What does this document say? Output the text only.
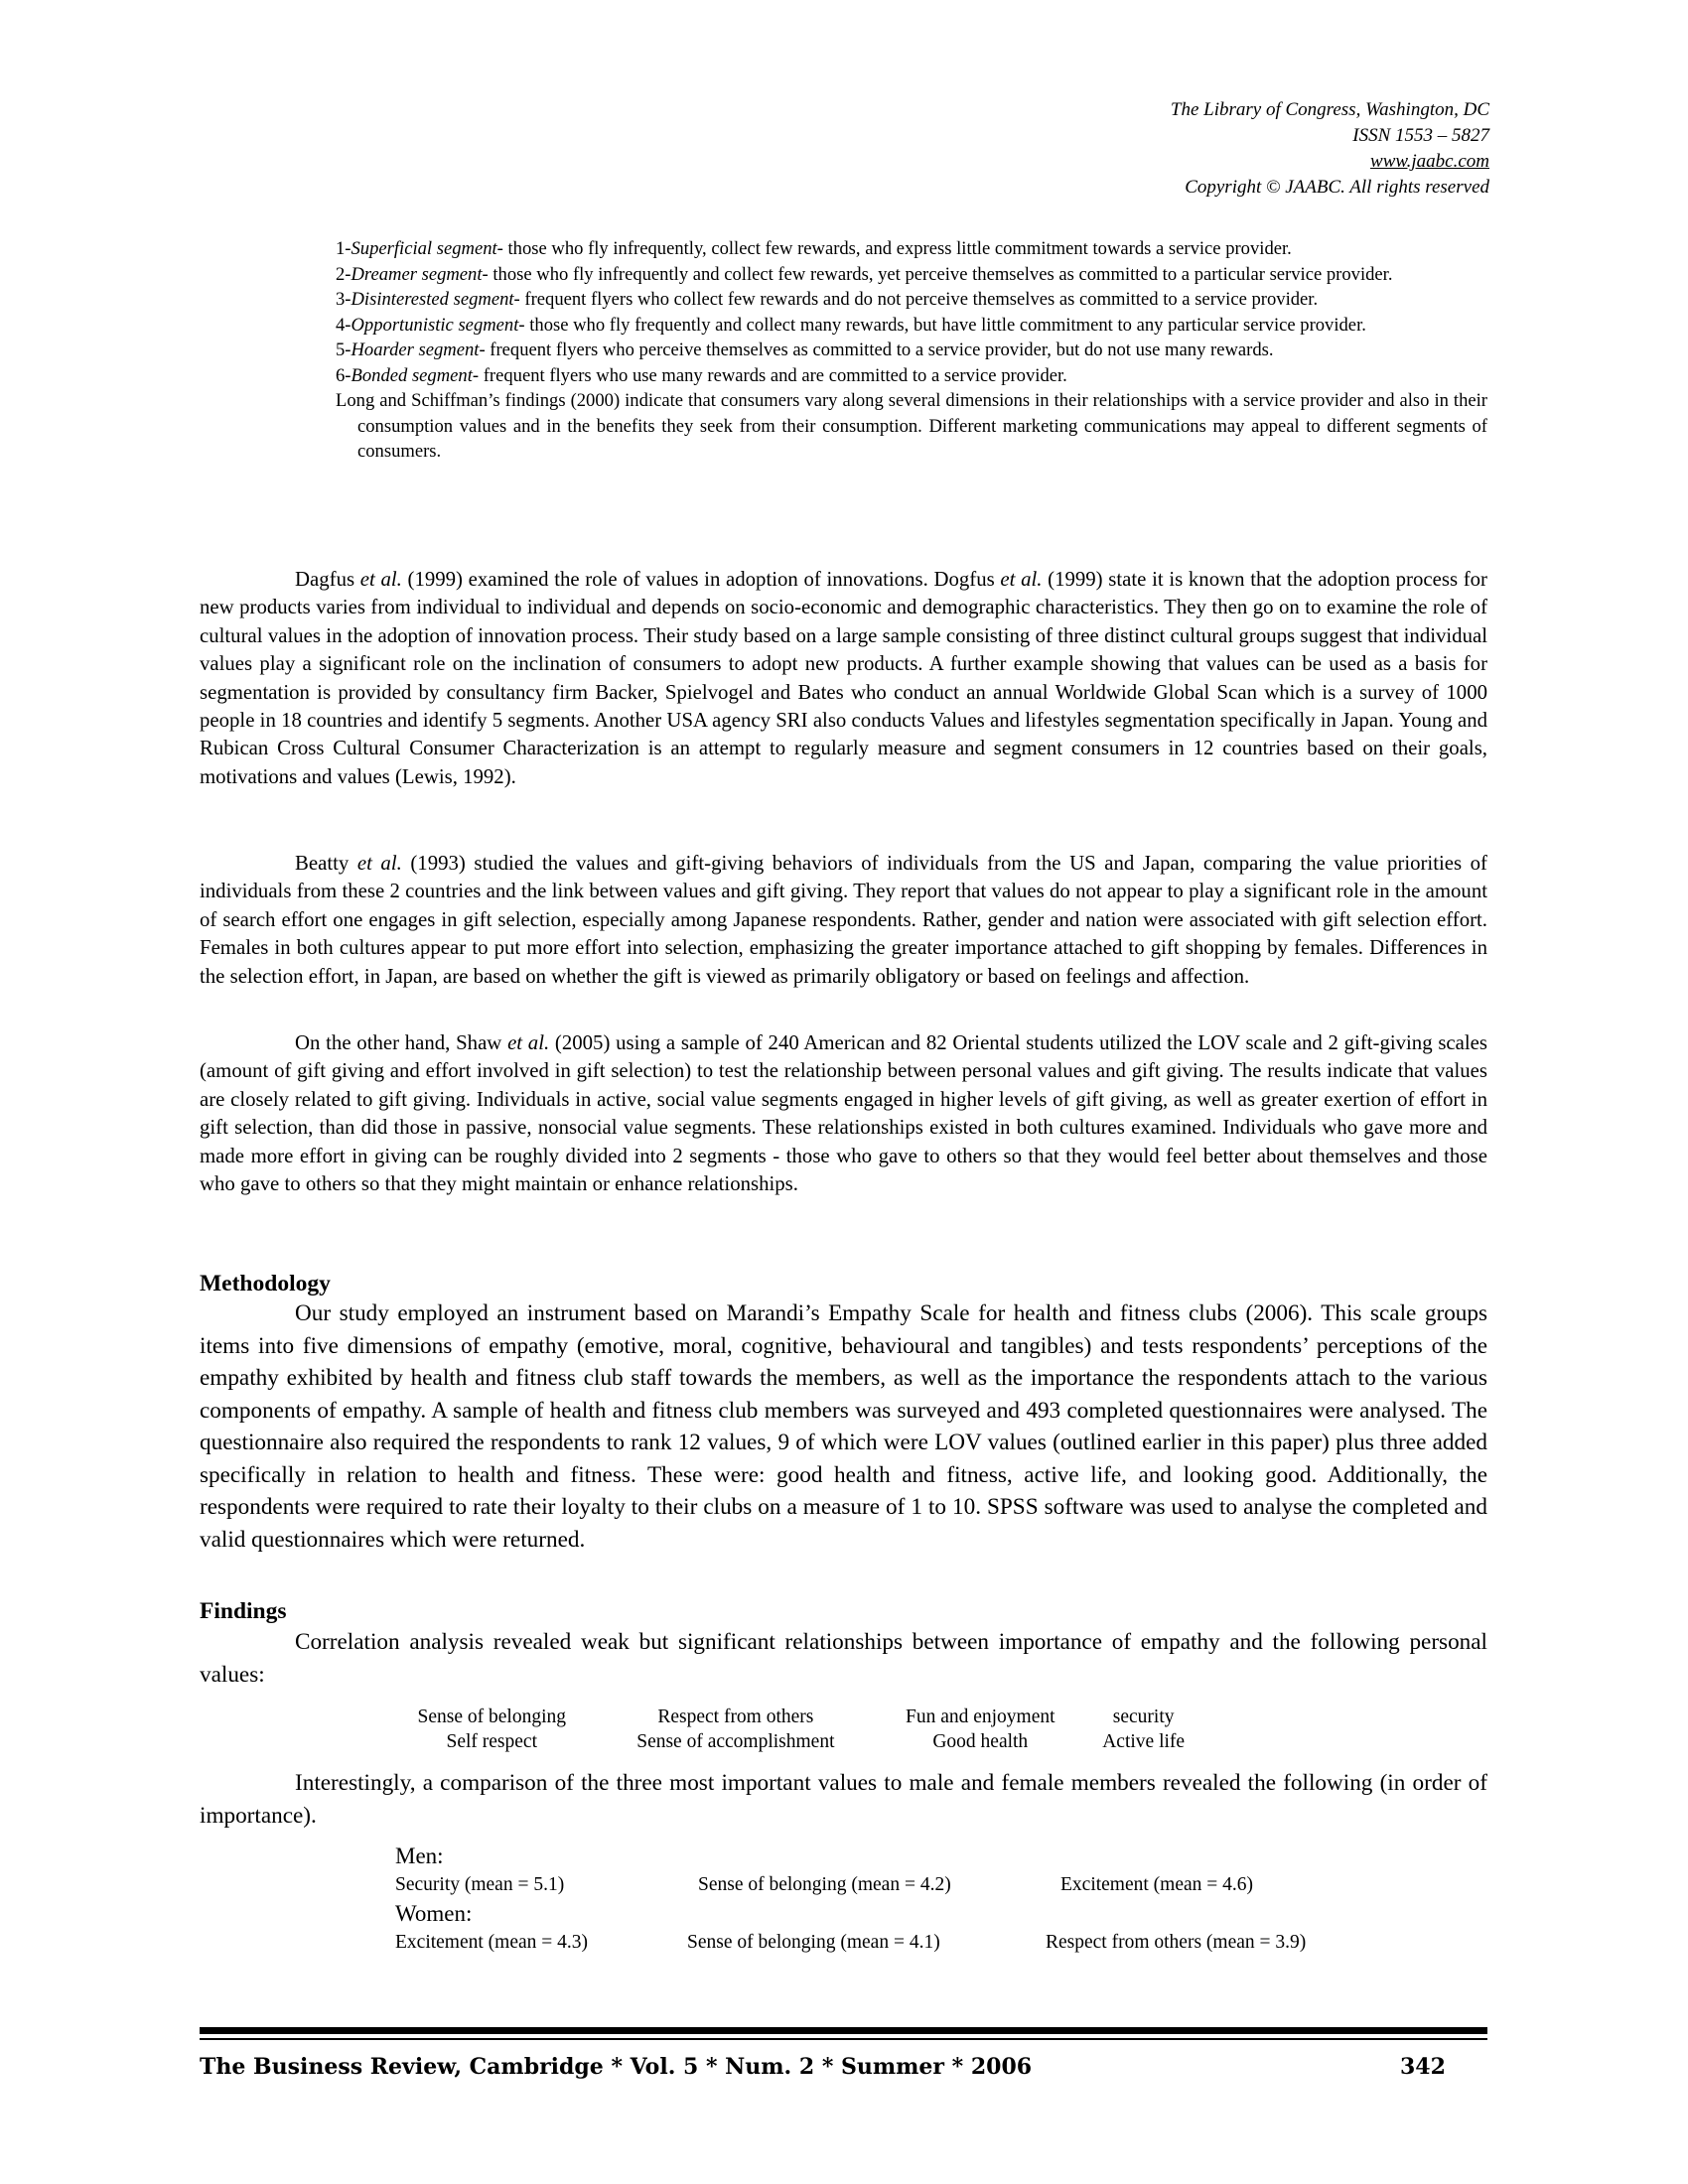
The Library of Congress, Washington, DC
ISSN 1553 – 5827
www.jaabc.com
Copyright © JAABC. All rights reserved

1-Superficial segment- those who fly infrequently, collect few rewards, and express little commitment towards a service provider.

2-Dreamer segment- those who fly infrequently and collect few rewards, yet perceive themselves as committed to a particular service provider.

3-Disinterested segment- frequent flyers who collect few rewards and do not perceive themselves as committed to a service provider.

4-Opportunistic segment- those who fly frequently and collect many rewards, but have little commitment to any particular service provider.

5-Hoarder segment- frequent flyers who perceive themselves as committed to a service provider, but do not use many rewards.

6-Bonded segment- frequent flyers who use many rewards and are committed to a service provider.

Long and Schiffman’s findings (2000) indicate that consumers vary along several dimensions in their relationships with a service provider and also in their consumption values and in the benefits they seek from their consumption. Different marketing communications may appeal to different segments of consumers.

Dagfus et al. (1999) examined the role of values in adoption of innovations. Dogfus et al. (1999) state it is known that the adoption process for new products varies from individual to individual and depends on socio-economic and demographic characteristics. They then go on to examine the role of cultural values in the adoption of innovation process. Their study based on a large sample consisting of three distinct cultural groups suggest that individual values play a significant role on the inclination of consumers to adopt new products. A further example showing that values can be used as a basis for segmentation is provided by consultancy firm Backer, Spielvogel and Bates who conduct an annual Worldwide Global Scan which is a survey of 1000 people in 18 countries and identify 5 segments. Another USA agency SRI also conducts Values and lifestyles segmentation specifically in Japan. Young and Rubican Cross Cultural Consumer Characterization is an attempt to regularly measure and segment consumers in 12 countries based on their goals, motivations and values (Lewis, 1992).

Beatty et al. (1993) studied the values and gift-giving behaviors of individuals from the US and Japan, comparing the value priorities of individuals from these 2 countries and the link between values and gift giving. They report that values do not appear to play a significant role in the amount of search effort one engages in gift selection, especially among Japanese respondents. Rather, gender and nation were associated with gift selection effort. Females in both cultures appear to put more effort into selection, emphasizing the greater importance attached to gift shopping by females. Differences in the selection effort, in Japan, are based on whether the gift is viewed as primarily obligatory or based on feelings and affection.

On the other hand, Shaw et al. (2005) using a sample of 240 American and 82 Oriental students utilized the LOV scale and 2 gift-giving scales (amount of gift giving and effort involved in gift selection) to test the relationship between personal values and gift giving. The results indicate that values are closely related to gift giving. Individuals in active, social value segments engaged in higher levels of gift giving, as well as greater exertion of effort in gift selection, than did those in passive, nonsocial value segments. These relationships existed in both cultures examined. Individuals who gave more and made more effort in giving can be roughly divided into 2 segments - those who gave to others so that they would feel better about themselves and those who gave to others so that they might maintain or enhance relationships.

Methodology

Our study employed an instrument based on Marandi’s Empathy Scale for health and fitness clubs (2006). This scale groups items into five dimensions of empathy (emotive, moral, cognitive, behavioural and tangibles) and tests respondents’ perceptions of the empathy exhibited by health and fitness club staff towards the members, as well as the importance the respondents attach to the various components of empathy. A sample of health and fitness club members was surveyed and 493 completed questionnaires were analysed. The questionnaire also required the respondents to rank 12 values, 9 of which were LOV values (outlined earlier in this paper) plus three added specifically in relation to health and fitness. These were: good health and fitness, active life, and looking good. Additionally, the respondents were required to rate their loyalty to their clubs on a measure of 1 to 10. SPSS software was used to analyse the completed and valid questionnaires which were returned.

Findings

Correlation analysis revealed weak but significant relationships between importance of empathy and the following personal values:

Sense of belonging	Respect from others	Fun and enjoyment	security
Self respect	Sense of accomplishment	Good health	Active life

Interestingly, a comparison of the three most important values to male and female members revealed the following (in order of importance).

Men:
Security (mean = 5.1)	Sense of belonging (mean = 4.2)	Excitement (mean = 4.6)
Women:
Excitement (mean = 4.3)	Sense of belonging (mean = 4.1)	Respect from others (mean = 3.9)
The Business Review, Cambridge * Vol. 5 * Num. 2 * Summer * 2006	342
